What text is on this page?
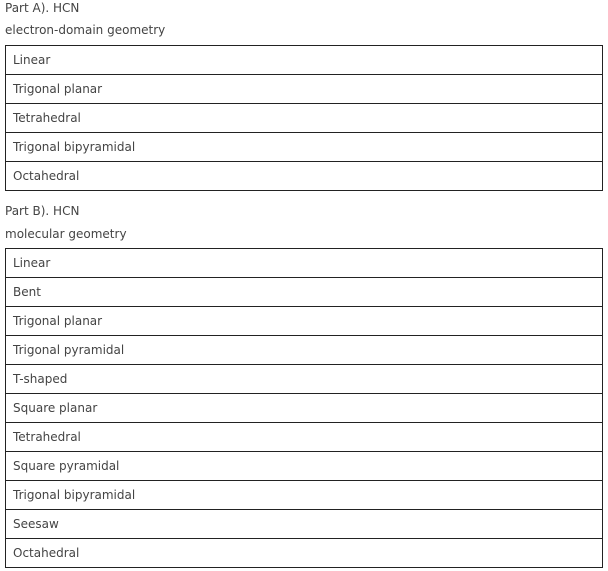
Part A). HCN
electron-domain geometry
Linear
Trigonal planar
Tetrahedral
Trigonal bipyramidal
Octahedral
Part B). HCN
molecular geometry
Linear
Bent
Trigonal planar
Trigonal pyramidal
T-shaped
Square planar
Tetrahedral
Square pyramidal
Trigonal bipyramidal
Seesaw
Octahedral
